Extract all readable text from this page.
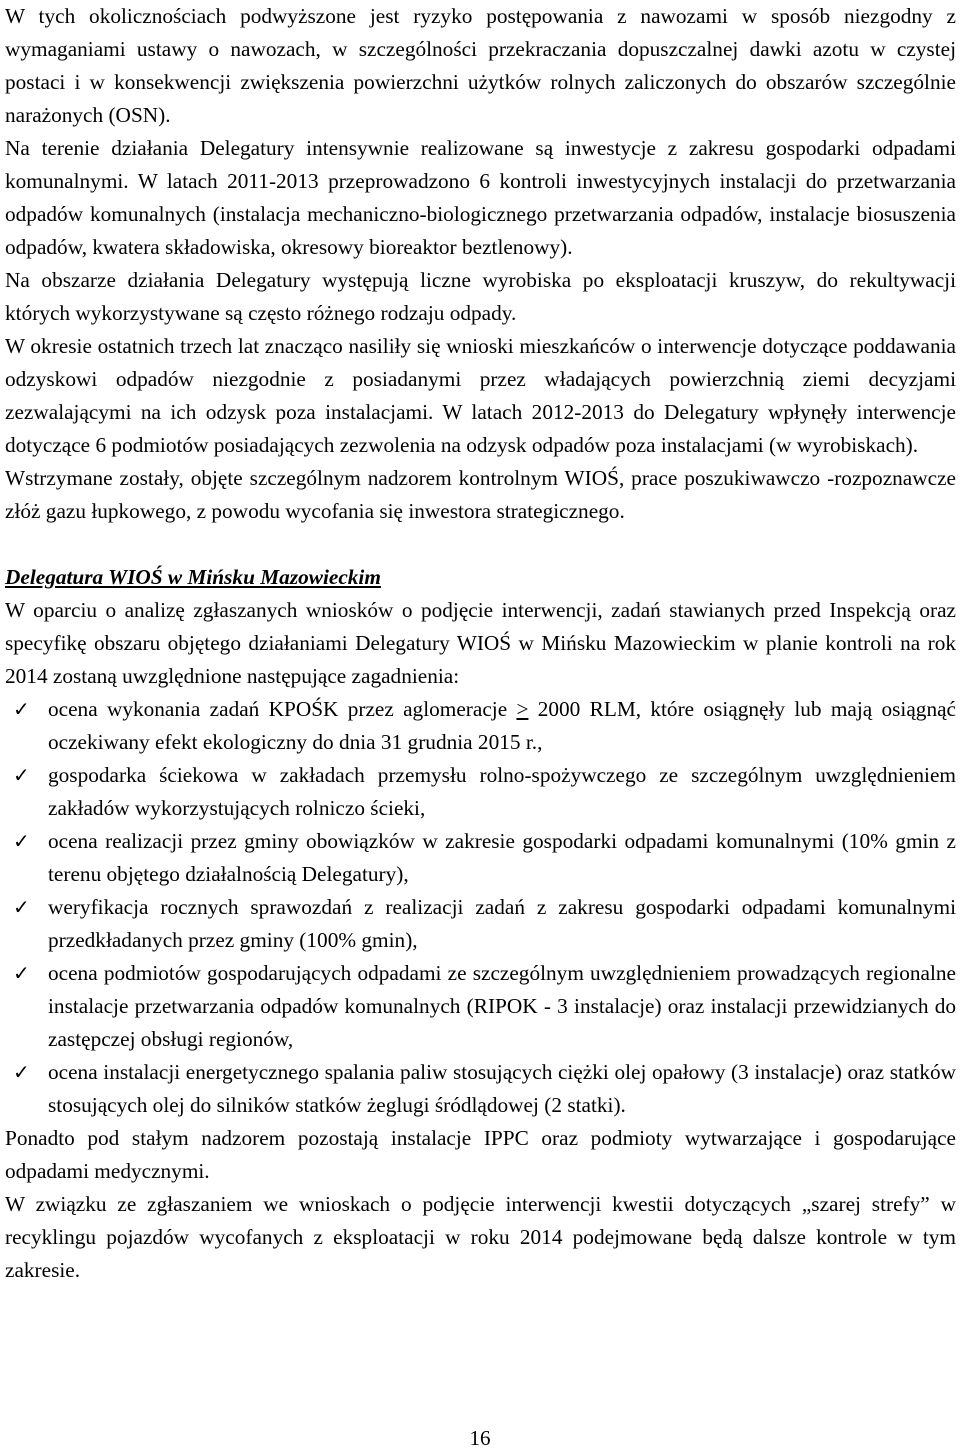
W tych okolicznościach podwyższone jest ryzyko postępowania z nawozami w sposób niezgodny z wymaganiami ustawy o nawozach, w szczególności przekraczania dopuszczalnej dawki azotu w czystej postaci i w konsekwencji zwiększenia powierzchni użytków rolnych zaliczonych do obszarów szczególnie narażonych (OSN).

Na terenie działania Delegatury intensywnie realizowane są inwestycje z zakresu gospodarki odpadami komunalnymi. W latach 2011-2013 przeprowadzono 6 kontroli inwestycyjnych instalacji do przetwarzania odpadów komunalnych (instalacja mechaniczno-biologicznego przetwarzania odpadów, instalacje biosuszenia odpadów, kwatera składowiska, okresowy bioreaktor beztlenowy).

Na obszarze działania Delegatury występują liczne wyrobiska po eksploatacji kruszyw, do rekultywacji których wykorzystywane są często różnego rodzaju odpady.

W okresie ostatnich trzech lat znacząco nasiliły się wnioski mieszkańców o interwencje dotyczące poddawania odzyskowi odpadów niezgodnie z posiadanymi przez władających powierzchnią ziemi decyzjami zezwalającymi na ich odzysk poza instalacjami. W latach 2012-2013 do Delegatury wpłynęły interwencje dotyczące 6 podmiotów posiadających zezwolenia na odzysk odpadów poza instalacjami (w wyrobiskach).

Wstrzymane zostały, objęte szczególnym nadzorem kontrolnym WIOŚ, prace poszukiwawczo -rozpoznawcze złóż gazu łupkowego, z powodu wycofania się inwestora strategicznego.

Delegatura WIOŚ w Mińsku Mazowieckim

W oparciu o analizę zgłaszanych wniosków o podjęcie interwencji, zadań stawianych przed Inspekcją oraz specyfikę obszaru objętego działaniami Delegatury WIOŚ w Mińsku Mazowieckim w planie kontroli na rok 2014 zostaną uwzględnione następujące zagadnienia:

✓ ocena wykonania zadań KPOŚK przez aglomeracje ≥ 2000 RLM, które osiągnęły lub mają osiągnąć oczekiwany efekt ekologiczny do dnia 31 grudnia 2015 r.,
✓ gospodarka ściekowa w zakładach przemysłu rolno-spożywczego ze szczególnym uwzględnieniem zakładów wykorzystujących rolniczo ścieki,
✓ ocena realizacji przez gminy obowiązków w zakresie gospodarki odpadami komunalnymi (10% gmin z terenu objętego działalnością Delegatury),
✓ weryfikacja rocznych sprawozdań z realizacji zadań z zakresu gospodarki odpadami komunalnymi przedkładanych przez gminy (100% gmin),
✓ ocena podmiotów gospodarujących odpadami ze szczególnym uwzględnieniem prowadzących regionalne instalacje przetwarzania odpadów komunalnych (RIPOK - 3 instalacje) oraz instalacji przewidzianych do zastępczej obsługi regionów,
✓ ocena instalacji energetycznego spalania paliw stosujących ciężki olej opałowy (3 instalacje) oraz statków stosujących olej do silników statków żeglugi śródlądowej (2 statki).

Ponadto pod stałym nadzorem pozostają instalacje IPPC oraz podmioty wytwarzające i gospodarujące odpadami medycznymi.

W związku ze zgłaszaniem we wnioskach o podjęcie interwencji kwestii dotyczących „szarej strefy” w recyklingu pojazdów wycofanych z eksploatacji w roku 2014 podejmowane będą dalsze kontrole w tym zakresie.

16
